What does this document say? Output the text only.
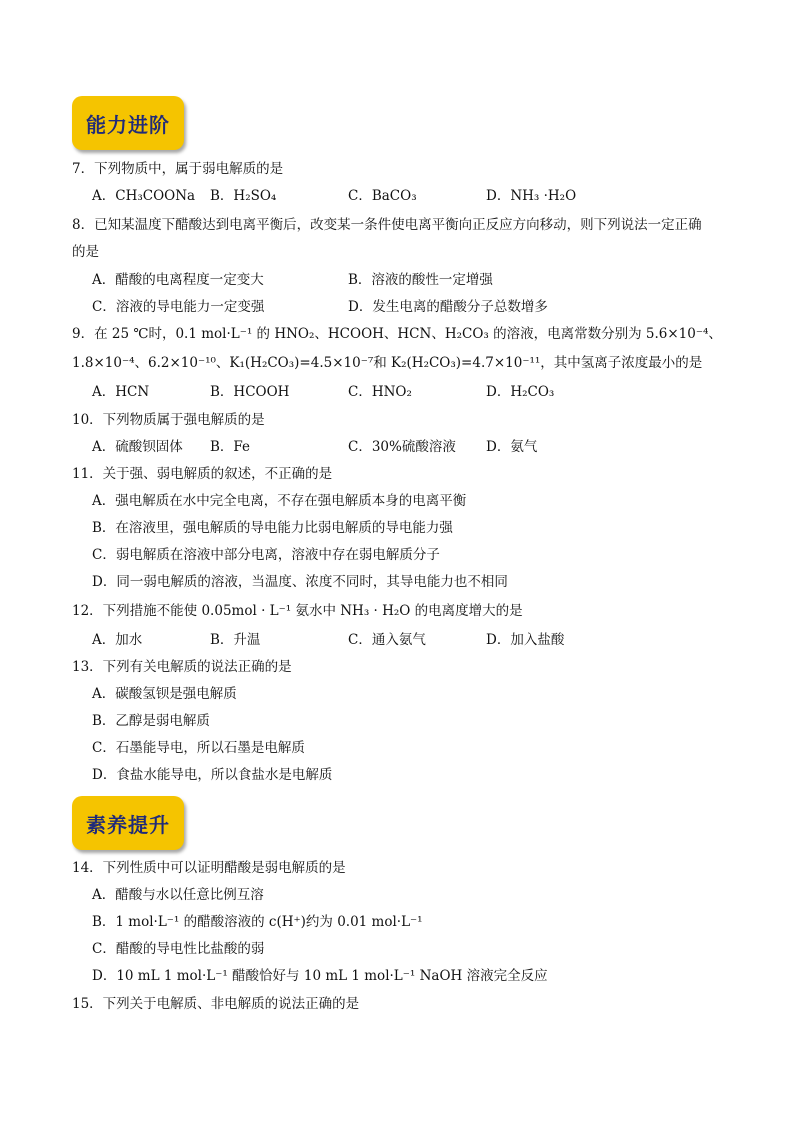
能力进阶
7．下列物质中，属于弱电解质的是
A．CH₃COONa B．H₂SO₄	C．BaCO₃	D．NH₃ ·H₂O
8．已知某温度下醋酸达到电离平衡后，改变某一条件使电离平衡向正反应方向移动，则下列说法一定正确
的是
A．醋酸的电离程度一定变大	B．溶液的酸性一定增强
C．溶液的导电能力一定变强	D．发生电离的醋酸分子总数增多
9．在 25 ℃时，0.1 mol·L⁻¹ 的 HNO₂、HCOOH、HCN、H₂CO₃ 的溶液，电离常数分别为 5.6×10⁻⁴、
1.8×10⁻⁴、6.2×10⁻¹⁰、K₁(H₂CO₃)=4.5×10⁻⁷和 K₂(H₂CO₃)=4.7×10⁻¹¹，其中氢离子浓度最小的是
A．HCN	B．HCOOH	C．HNO₂	D．H₂CO₃
10．下列物质属于强电解质的是
A．硫酸钡固体 B．Fe	C．30%硫酸溶液 D．氨气
11．关于强、弱电解质的叙述，不正确的是
A．强电解质在水中完全电离，不存在强电解质本身的电离平衡
B．在溶液里，强电解质的导电能力比弱电解质的导电能力强
C．弱电解质在溶液中部分电离，溶液中存在弱电解质分子
D．同一弱电解质的溶液，当温度、浓度不同时，其导电能力也不相同
12．下列措施不能使 0.05mol · L⁻¹ 氨水中 NH₃ · H₂O 的电离度增大的是
A．加水	B．升温	C．通入氨气	D．加入盐酸
13．下列有关电解质的说法正确的是
A．碳酸氢钡是强电解质
B．乙醇是弱电解质
C．石墨能导电，所以石墨是电解质
D．食盐水能导电，所以食盐水是电解质
素养提升
14．下列性质中可以证明醋酸是弱电解质的是
A．醋酸与水以任意比例互溶
B．1 mol·L⁻¹ 的醋酸溶液的 c(H⁺)约为 0.01 mol·L⁻¹
C．醋酸的导电性比盐酸的弱
D．10 mL 1 mol·L⁻¹ 醋酸恰好与 10 mL 1 mol·L⁻¹ NaOH 溶液完全反应
15．下列关于电解质、非电解质的说法正确的是
